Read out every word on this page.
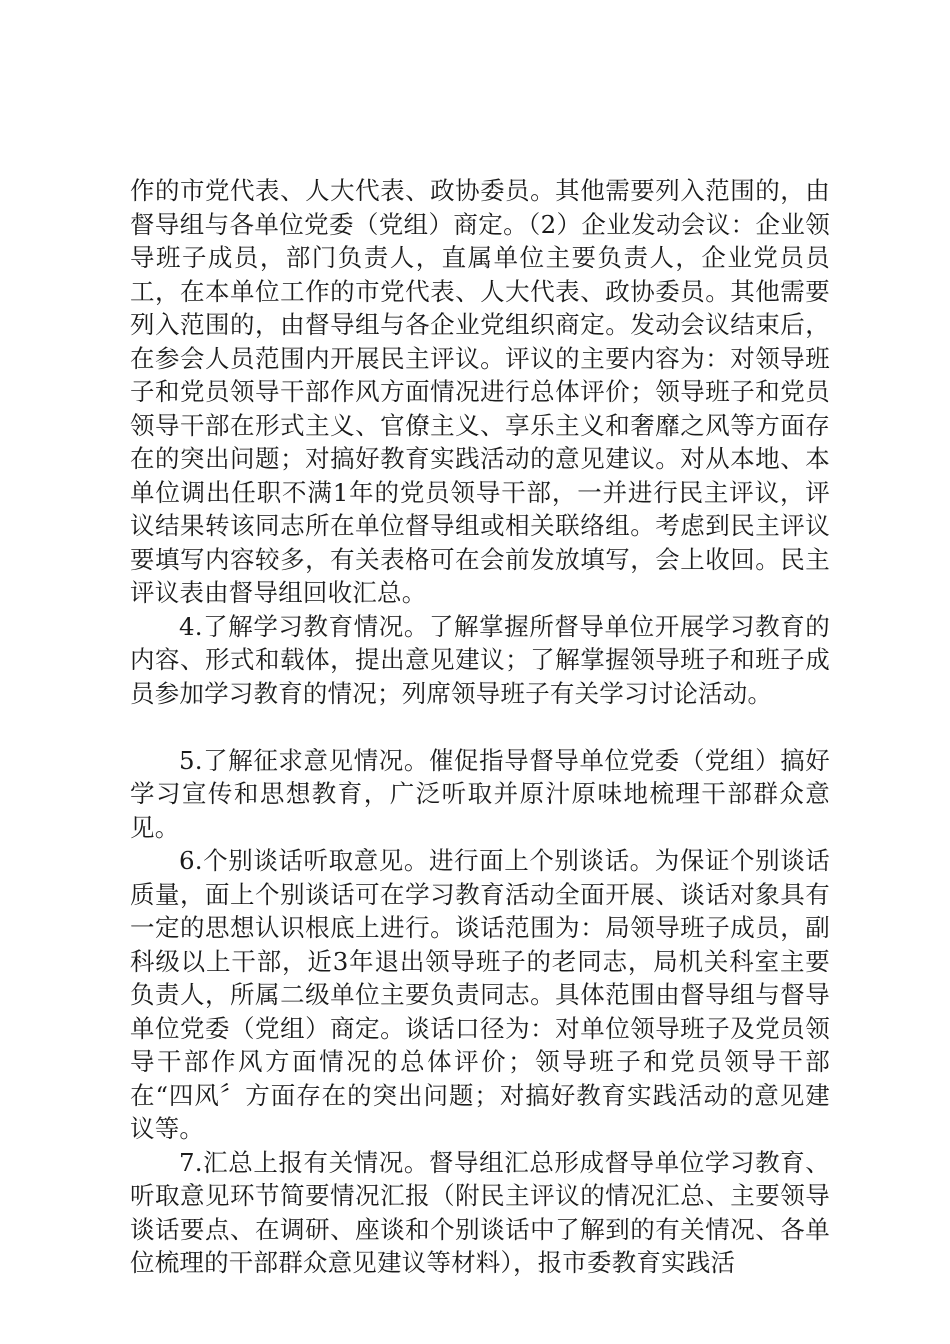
作的市党代表、人大代表、政协委员。其他需要列入范围的，由督导组与各单位党委（党组）商定。（2）企业发动会议：企业领导班子成员，部门负责人，直属单位主要负责人，企业党员员工，在本单位工作的市党代表、人大代表、政协委员。其他需要列入范围的，由督导组与各企业党组织商定。发动会议结束后，在参会人员范围内开展民主评议。评议的主要内容为：对领导班子和党员领导干部作风方面情况进行总体评价；领导班子和党员领导干部在形式主义、官僚主义、享乐主义和奢靡之风等方面存在的突出问题；对搞好教育实践活动的意见建议。对从本地、本单位调出任职不满1年的党员领导干部，一并进行民主评议，评议结果转该同志所在单位督导组或相关联络组。考虑到民主评议要填写内容较多，有关表格可在会前发放填写，会上收回。民主评议表由督导组回收汇总。

4.了解学习教育情况。了解掌握所督导单位开展学习教育的内容、形式和载体，提出意见建议；了解掌握领导班子和班子成员参加学习教育的情况；列席领导班子有关学习讨论活动。

5.了解征求意见情况。催促指导督导单位党委（党组）搞好学习宣传和思想教育，广泛听取并原汁原味地梳理干部群众意见。

6.个别谈话听取意见。进行面上个别谈话。为保证个别谈话质量，面上个别谈话可在学习教育活动全面开展、谈话对象具有一定的思想认识根底上进行。谈话范围为：局领导班子成员，副科级以上干部，近3年退出领导班子的老同志，局机关科室主要负责人，所属二级单位主要负责同志。具体范围由督导组与督导单位党委（党组）商定。谈话口径为：对单位领导班子及党员领导干部作风方面情况的总体评价；领导班子和党员领导干部在“四风〞方面存在的突出问题；对搞好教育实践活动的意见建议等。

7.汇总上报有关情况。督导组汇总形成督导单位学习教育、听取意见环节简要情况汇报（附民主评议的情况汇总、主要领导谈话要点、在调研、座谈和个别谈话中了解到的有关情况、各单位梳理的干部群众意见建议等材料），报市委教育实践活
